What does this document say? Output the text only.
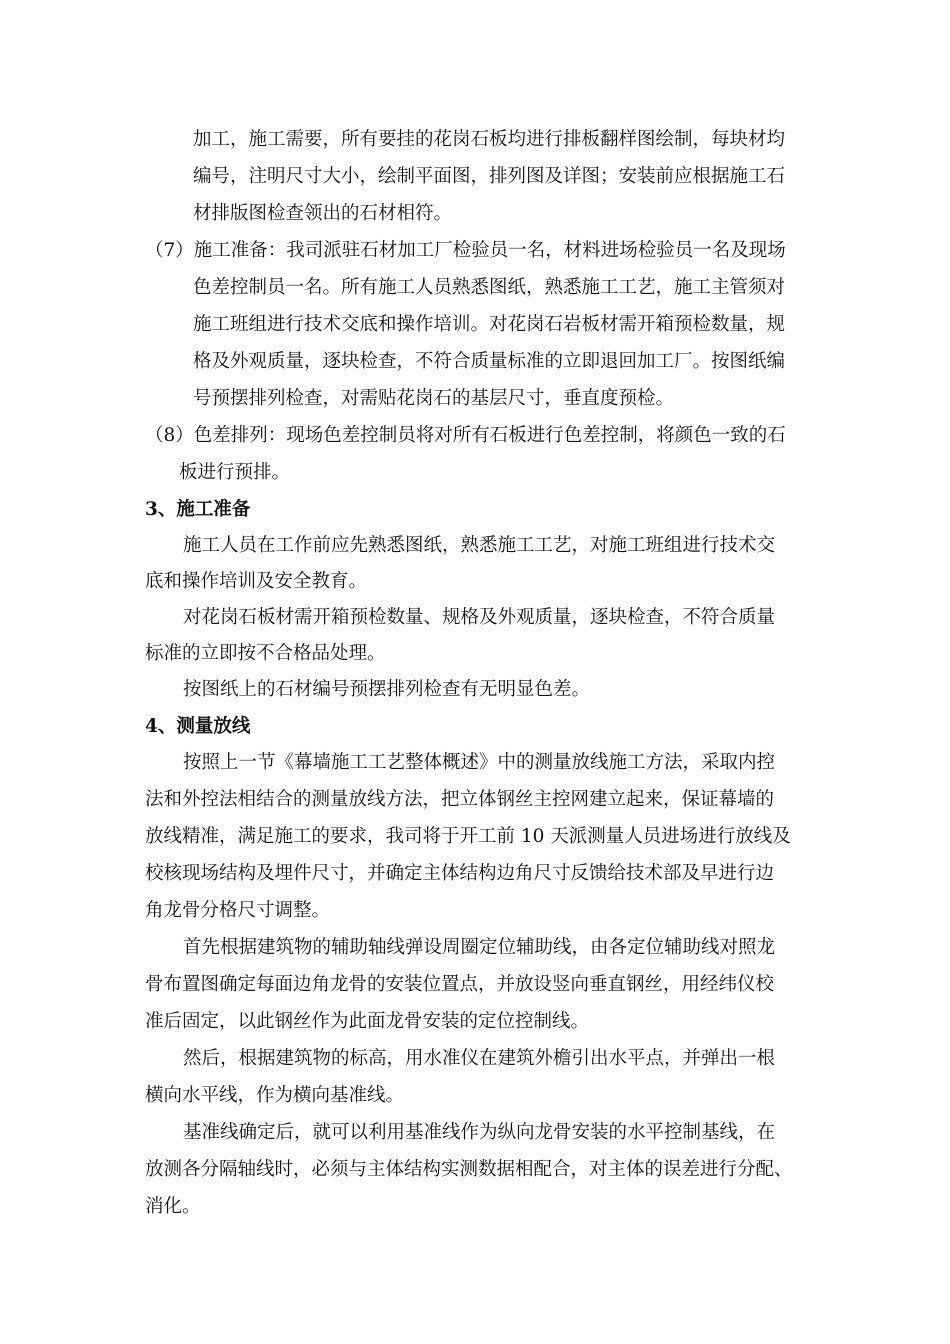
加工，施工需要，所有要挂的花岗石板均进行排板翻样图绘制，每块材均

编号，注明尺寸大小，绘制平面图，排列图及详图；安装前应根据施工石

材排版图检查领出的石材相符。

（7）施工准备：我司派驻石材加工厂检验员一名，材料进场检验员一名及现场

色差控制员一名。所有施工人员熟悉图纸，熟悉施工工艺，施工主管须对

施工班组进行技术交底和操作培训。对花岗石岩板材需开箱预检数量，规

格及外观质量，逐块检查，不符合质量标准的立即退回加工厂。按图纸编

号预摆排列检查，对需贴花岗石的基层尺寸，垂直度预检。

（8）色差排列：现场色差控制员将对所有石板进行色差控制，将颜色一致的石

板进行预排。

3、施工准备

施工人员在工作前应先熟悉图纸，熟悉施工工艺，对施工班组进行技术交

底和操作培训及安全教育。

对花岗石板材需开箱预检数量、规格及外观质量，逐块检查，不符合质量

标准的立即按不合格品处理。

按图纸上的石材编号预摆排列检查有无明显色差。

4、测量放线

按照上一节《幕墙施工工艺整体概述》中的测量放线施工方法，采取内控

法和外控法相结合的测量放线方法，把立体钢丝主控网建立起来，保证幕墙的

放线精准，满足施工的要求，我司将于开工前 10 天派测量人员进场进行放线及

校核现场结构及埋件尺寸，并确定主体结构边角尺寸反馈给技术部及早进行边

角龙骨分格尺寸调整。

首先根据建筑物的辅助轴线弹设周圈定位辅助线，由各定位辅助线对照龙

骨布置图确定每面边角龙骨的安装位置点，并放设竖向垂直钢丝，用经纬仪校

准后固定，以此钢丝作为此面龙骨安装的定位控制线。

然后，根据建筑物的标高，用水准仪在建筑外檐引出水平点，并弹出一根

横向水平线，作为横向基准线。

基准线确定后，就可以利用基准线作为纵向龙骨安装的水平控制基线，在

放测各分隔轴线时，必须与主体结构实测数据相配合，对主体的误差进行分配、

消化。
